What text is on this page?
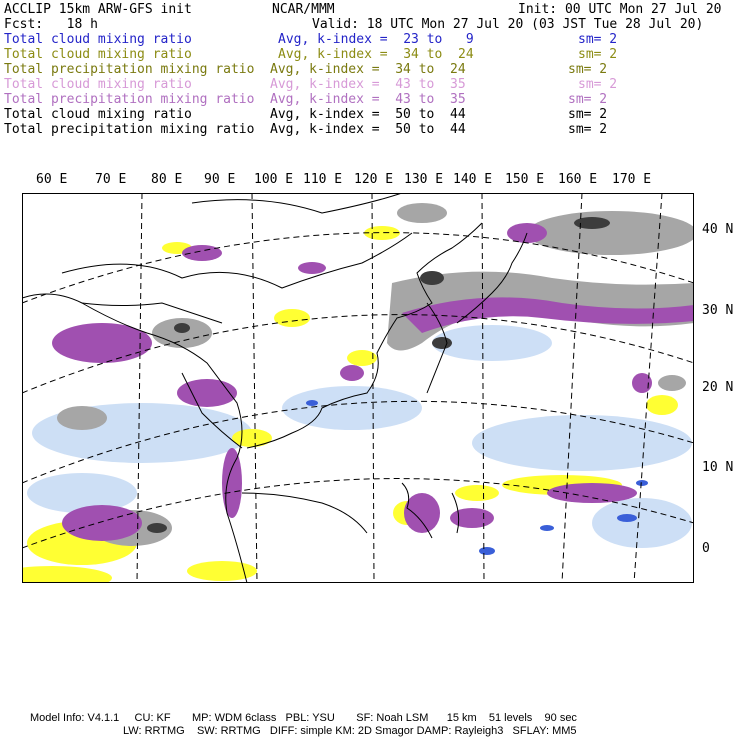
ACCLIP 15km ARW-GFS init	NCAR/MMM	Init: 00 UTC Mon 27 Jul 20
Fcst:   18 h	Valid: 18 UTC Mon 27 Jul 20 (03 JST Tue 28 Jul 20)
Total cloud mixing ratio	Avg, k-index =  23 to   9	sm= 2
Total cloud mixing ratio	Avg, k-index =  34 to  24	sm= 2
Total precipitation mixing ratio Avg, k-index =  34 to  24	sm= 2
Total cloud mixing ratio	Avg, k-index =  43 to  35	sm= 2
Total precipitation mixing ratio Avg, k-index =  43 to  35	sm= 2
Total cloud mixing ratio	Avg, k-index =  50 to  44	sm= 2
Total precipitation mixing ratio Avg, k-index =  50 to  44	sm= 2
60 E 70 E 80 E 90 E 100 E 110 E 120 E 130 E 140 E 150 E 160 E 170 E
40 N
30 N
20 N
10 N
0
Model Info: V4.1.1     CU: KF       MP: WDM 6class   PBL: YSU       SF: Noah LSM      15 km    51 levels    90 sec
LW: RRTMG    SW: RRTMG   DIFF: simple KM: 2D Smagor DAMP: Rayleigh3   SFLAY: MM5
